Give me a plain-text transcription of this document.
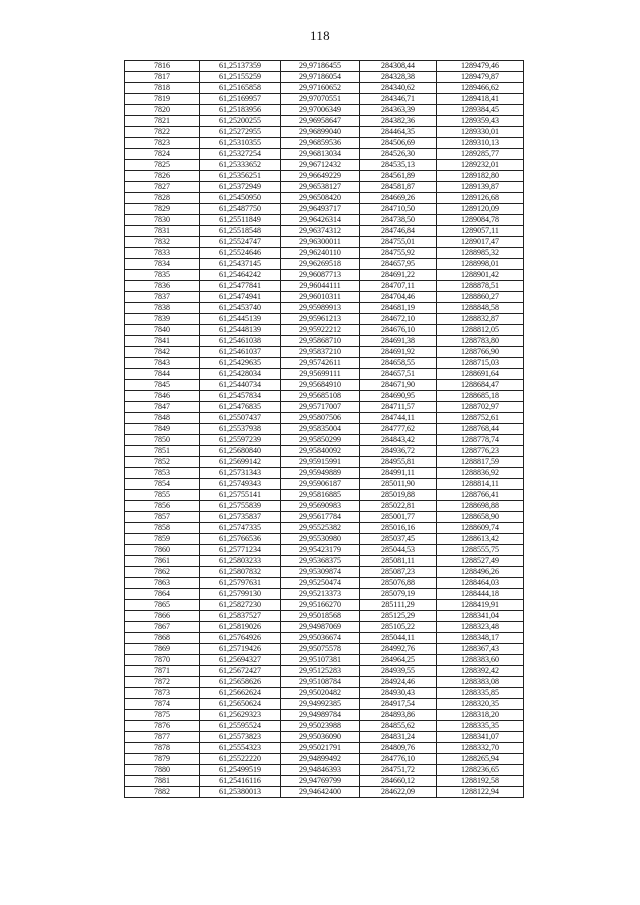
118
7816	61,25137359	29,97186455	284308,44	1289479,46
7817	61,25155259	29,97186054	284328,38	1289479,87
7818	61,25165858	29,97160652	284340,62	1289466,62
7819	61,25169957	29,97070551	284346,71	1289418,41
7820	61,25183956	29,97006349	284363,39	1289384,45
7821	61,25200255	29,96958647	284382,36	1289359,43
7822	61,25272955	29,96899040	284464,35	1289330,01
7823	61,25310355	29,96859536	284506,69	1289310,13
7824	61,25327254	29,96813034	284526,30	1289285,77
7825	61,25333652	29,96712432	284535,13	1289232,01
7826	61,25356251	29,96649229	284561,89	1289182,80
7827	61,25372949	29,96538127	284581,87	1289139,87
7828	61,25450950	29,96508420	284669,26	1289126,68
7829	61,25487750	29,96493717	284710,50	1289120,09
7830	61,25511849	29,96426314	284738,50	1289084,78
7831	61,25518548	29,96374312	284746,84	1289057,11
7832	61,25524747	29,96300011	284755,01	1289017,47
7833	61,25524646	29,96240110	284755,92	1288985,32
7834	61,25437145	29,96269518	284657,95	1288998,01
7835	61,25464242	29,96087713	284691,22	1288901,42
7836	61,25477841	29,96044111	284707,11	1288878,51
7837	61,25474941	29,96010311	284704,46	1288860,27
7838	61,25453740	29,95989913	284681,19	1288848,58
7839	61,25445139	29,95961213	284672,10	1288832,87
7840	61,25448139	29,95922212	284676,10	1288812,05
7841	61,25461038	29,95868710	284691,38	1288783,80
7842	61,25461037	29,95837210	284691,92	1288766,90
7843	61,25429635	29,95742611	284658,55	1288715,03
7844	61,25428034	29,95699111	284657,51	1288691,64
7845	61,25440734	29,95684910	284671,90	1288684,47
7846	61,25457834	29,95685108	284690,95	1288685,18
7847	61,25476835	29,95717007	284711,57	1288702,97
7848	61,25507437	29,95807506	284744,11	1288752,61
7849	61,25537938	29,95835004	284777,62	1288768,44
7850	61,25597239	29,95850299	284843,42	1288778,74
7851	61,25680840	29,95840092	284936,72	1288776,23
7852	61,25699142	29,95915991	284955,81	1288817,59
7853	61,25731343	29,95949889	284991,11	1288836,92
7854	61,25749343	29,95906187	285011,90	1288814,11
7855	61,25755141	29,95816885	285019,88	1288766,41
7856	61,25755839	29,95690983	285022,81	1288698,88
7857	61,25735837	29,95617784	285001,77	1288658,90
7858	61,25747335	29,95525382	285016,16	1288609,74
7859	61,25766536	29,95530980	285037,45	1288613,42
7860	61,25771234	29,95423179	285044,53	1288555,75
7861	61,25803233	29,95368375	285081,11	1288527,49
7862	61,25807832	29,95309874	285087,23	1288496,26
7863	61,25797631	29,95250474	285076,88	1288464,03
7864	61,25799130	29,95213373	285079,19	1288444,18
7865	61,25827230	29,95166270	285111,29	1288419,91
7866	61,25837527	29,95018568	285125,29	1288341,04
7867	61,25819026	29,94987069	285105,22	1288323,48
7868	61,25764926	29,95036674	285044,11	1288348,17
7869	61,25719426	29,95075578	284992,76	1288367,43
7870	61,25694327	29,95107381	284964,25	1288383,60
7871	61,25672427	29,95125283	284939,55	1288392,42
7872	61,25658626	29,95108784	284924,46	1288383,08
7873	61,25662624	29,95020482	284930,43	1288335,85
7874	61,25650624	29,94992385	284917,54	1288320,35
7875	61,25629323	29,94989784	284893,86	1288318,20
7876	61,25595524	29,95023988	284855,62	1288335,35
7877	61,25573823	29,95036090	284831,24	1288341,07
7878	61,25554323	29,95021791	284809,76	1288332,70
7879	61,25522220	29,94899492	284776,10	1288265,94
7880	61,25499519	29,94846393	284751,72	1288236,65
7881	61,25416116	29,94769799	284660,12	1288192,58
7882	61,25380013	29,94642400	284622,09	1288122,94
